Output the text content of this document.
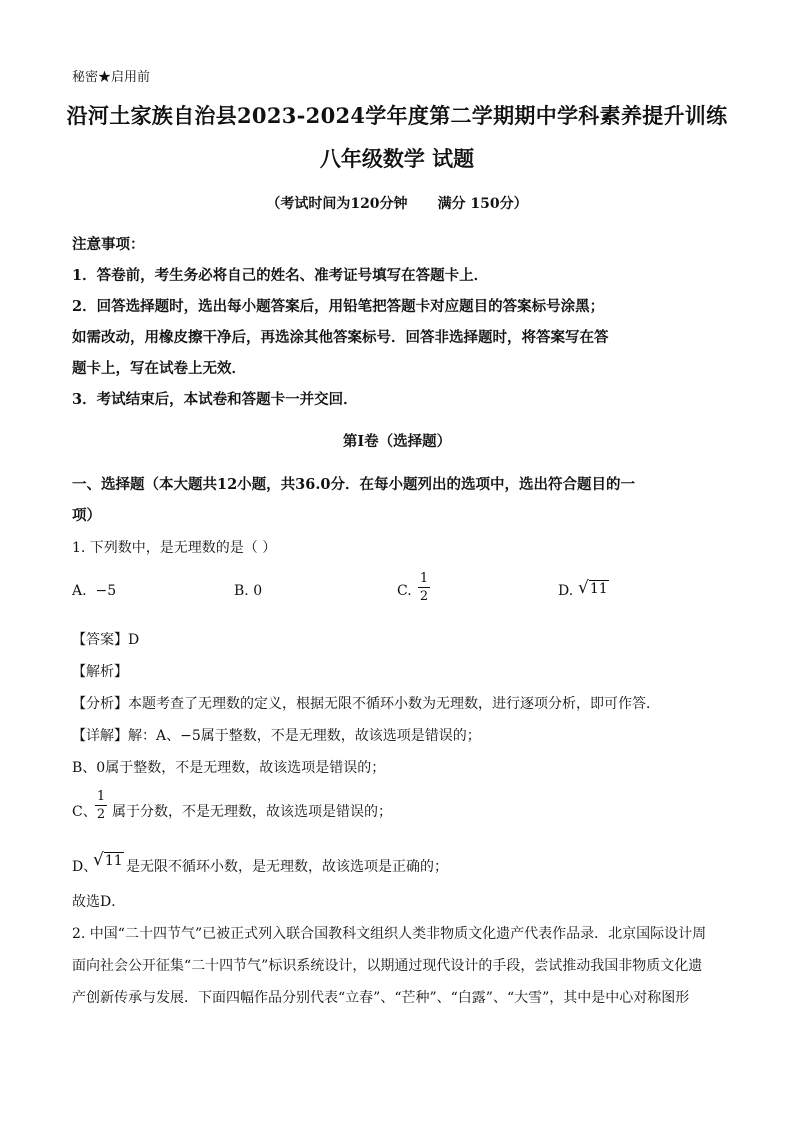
秘密★启用前
沿河土家族自治县2023-2024学年度第二学期期中学科素养提升训练
八年级数学 试题
（考试时间为120分钟 满分 150分）
注意事项：
1．答卷前，考生务必将自己的姓名、准考证号填写在答题卡上．
2．回答选择题时，选出每小题答案后，用铅笔把答题卡对应题目的答案标号涂黑；
如需改动，用橡皮擦干净后，再选涂其他答案标号．回答非选择题时，将答案写在答
题卡上，写在试卷上无效．
3．考试结束后，本试卷和答题卡一并交回．
第Ⅰ卷（选择题）
一、选择题（本大题共12小题，共36.0分．在每小题列出的选项中，选出符合题目的一
项）
1. 下列数中，是无理数的是（ ）
A. −5	B. 0	C.
1
2	D. √ 11
【答案】D
【解析】
【分析】本题考查了无理数的定义，根据无限不循环小数为无理数，进行逐项分析，即可作答．
【详解】解：A、−5属于整数，不是无理数，故该选项是错误的；
B、0属于整数，不是无理数，故该选项是错误的；
C、
1
2 属于分数，不是无理数，故该选项是错误的；
D、
√ 11 是无限不循环小数，是无理数，故该选项是正确的；
故选D．
2. 中国“二十四节气”已被正式列入联合国教科文组织人类非物质文化遗产代表作品录．北京国际设计周
面向社会公开征集“二十四节气”标识系统设计，以期通过现代设计的手段，尝试推动我国非物质文化遗
产创新传承与发展．下面四幅作品分别代表“立春”、“芒种”、“白露”、“大雪”，其中是中心对称图形
